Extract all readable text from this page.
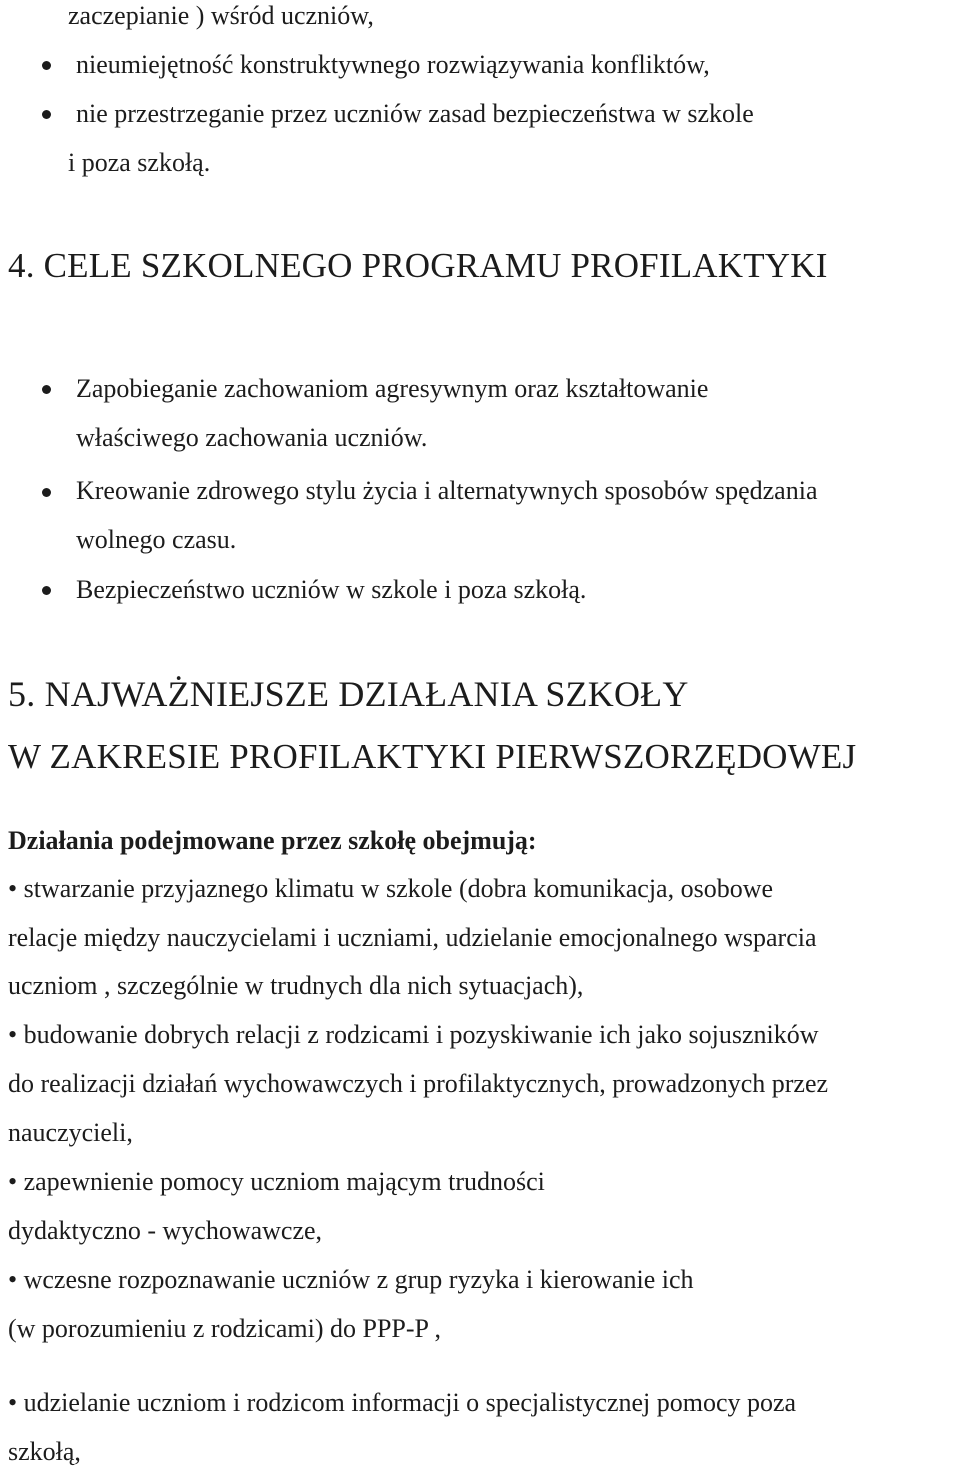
zaczepianie ) wśród uczniów,
nieumiejętność konstruktywnego rozwiązywania konfliktów,
nie przestrzeganie przez uczniów zasad bezpieczeństwa w szkole
i poza szkołą.
4. CELE SZKOLNEGO PROGRAMU PROFILAKTYKI
Zapobieganie zachowaniom agresywnym oraz kształtowanie
właściwego zachowania uczniów.
Kreowanie zdrowego stylu życia i alternatywnych sposobów spędzania
wolnego czasu.
Bezpieczeństwo uczniów w szkole i poza szkołą.
5. NAJWAŻNIEJSZE DZIAŁANIA SZKOŁY
W ZAKRESIE PROFILAKTYKI PIERWSZORZĘDOWEJ
Działania podejmowane przez szkołę obejmują:
• stwarzanie przyjaznego klimatu w szkole (dobra komunikacja, osobowe
relacje między nauczycielami i uczniami, udzielanie emocjonalnego wsparcia
uczniom , szczególnie w trudnych dla nich sytuacjach),
• budowanie dobrych relacji z rodzicami i pozyskiwanie ich jako sojuszników
do realizacji działań wychowawczych i profilaktycznych, prowadzonych przez
nauczycieli,
• zapewnienie pomocy uczniom mającym trudności
dydaktyczno - wychowawcze,
• wczesne rozpoznawanie uczniów z grup ryzyka i kierowanie ich
(w porozumieniu z rodzicami) do PPP-P ,
• udzielanie uczniom i rodzicom informacji o specjalistycznej pomocy poza
szkołą,
